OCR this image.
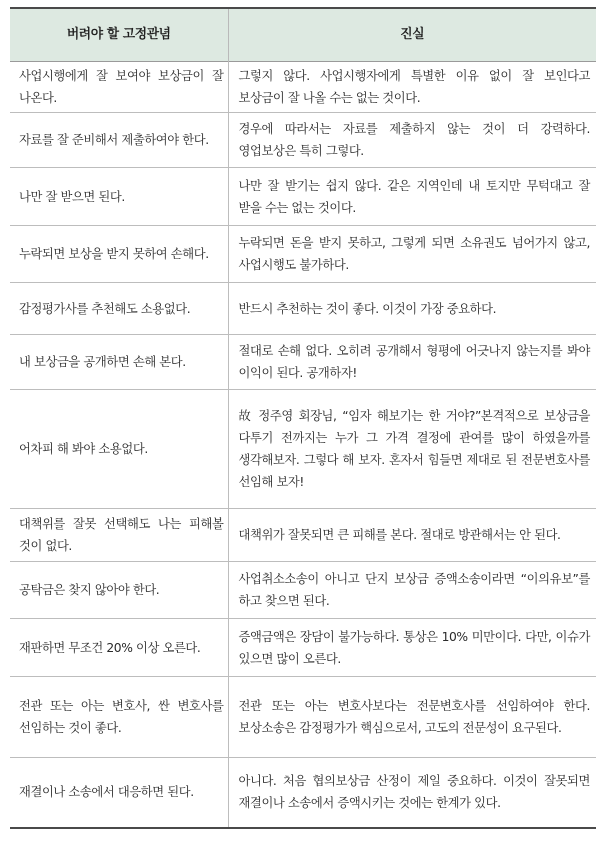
버려야 할 고정관념	진실
사업시행에게 잘 보여야 보상금이 잘 나온다.	그렇지 않다. 사업시행자에게 특별한 이유 없이 잘 보인다고 보상금이 잘 나올 수는 없는 것이다.
자료를 잘 준비해서 제출하여야 한다.	경우에 따라서는 자료를 제출하지 않는 것이 더 강력하다. 영업보상은 특히 그렇다.
나만 잘 받으면 된다.	나만 잘 받기는 쉽지 않다. 같은 지역인데 내 토지만 무턱대고 잘 받을 수는 없는 것이다.
누락되면 보상을 받지 못하여 손해다.	누락되면 돈을 받지 못하고, 그렇게 되면 소유권도 넘어가지 않고, 사업시행도 불가하다.
감정평가사를 추천해도 소용없다.	반드시 추천하는 것이 좋다. 이것이 가장 중요하다.
내 보상금을 공개하면 손해 본다.	절대로 손해 없다. 오히려 공개해서 형평에 어긋나지 않는지를 봐야 이익이 된다. 공개하자!
어차피 해 봐야 소용없다.	故 정주영 회장님, “임자 해보기는 한 거야?”본격적으로 보상금을 다투기 전까지는 누가 그 가격 결정에 관여를 많이 하였을까를 생각해보자. 그렇다 해 보자. 혼자서 힘들면 제대로 된 전문변호사를 선임해 보자!
대책위를 잘못 선택해도 나는 피해볼 것이 없다.	대책위가 잘못되면 큰 피해를 본다. 절대로 방관해서는 안 된다.
공탁금은 찾지 않아야 한다.	사업취소소송이 아니고 단지 보상금 증액소송이라면 “이의유보”를 하고 찾으면 된다.
재판하면 무조건 20% 이상 오른다.	증액금액은 장담이 불가능하다. 통상은 10% 미만이다. 다만, 이슈가 있으면 많이 오른다.
전관 또는 아는 변호사, 싼 변호사를 선임하는 것이 좋다.	전관 또는 아는 변호사보다는 전문변호사를 선임하여야 한다. 보상소송은 감정평가가 핵심으로서, 고도의 전문성이 요구된다.
재결이나 소송에서 대응하면 된다.	아니다. 처음 협의보상금 산정이 제일 중요하다. 이것이 잘못되면 재결이나 소송에서 증액시키는 것에는 한계가 있다.
